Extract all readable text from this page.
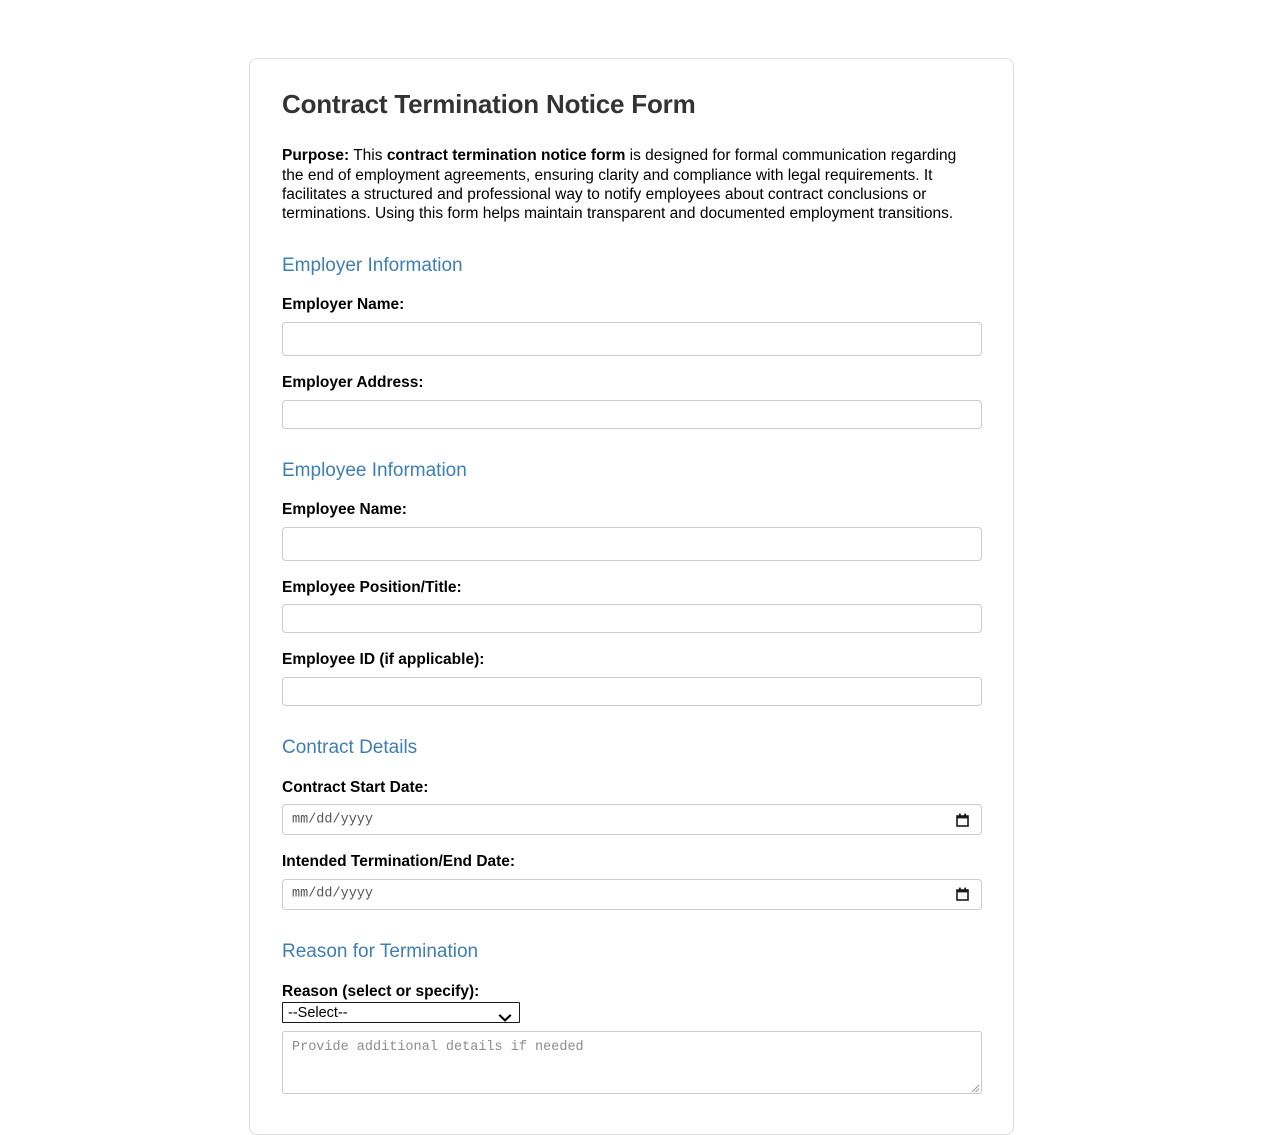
Contract Termination Notice Form

Purpose: This contract termination notice form is designed for formal communication regarding the end of employment agreements, ensuring clarity and compliance with legal requirements. It facilitates a structured and professional way to notify employees about contract conclusions or terminations. Using this form helps maintain transparent and documented employment transitions.

Employer Information
Employer Name:
Employer Address:
Employee Information
Employee Name:
Employee Position/Title:
Employee ID (if applicable):
Contract Details
Contract Start Date:
mm/dd/yyyy
Intended Termination/End Date:
mm/dd/yyyy
Reason for Termination
Reason (select or specify):
--Select--
Provide additional details if needed
